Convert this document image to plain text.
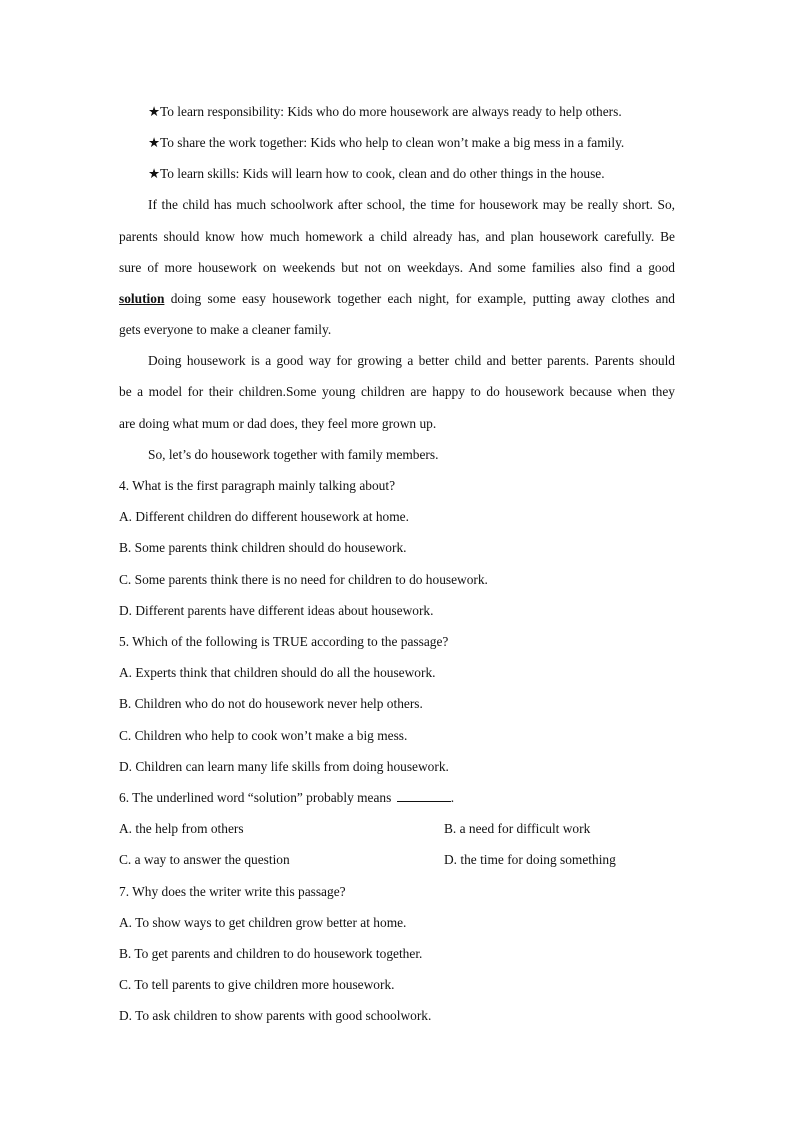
★To learn responsibility: Kids who do more housework are always ready to help others.
★To share the work together: Kids who help to clean won’t make a big mess in a family.
★To learn skills: Kids will learn how to cook, clean and do other things in the house.
If the child has much schoolwork after school, the time for housework may be really short. So,
parents should know how much homework a child already has, and plan housework carefully. Be
sure of more housework on weekends but not on weekdays. And some families also find a good
solution doing some easy housework together each night, for example, putting away clothes and
gets everyone to make a cleaner family.
Doing housework is a good way for growing a better child and better parents. Parents should
be a model for their children.Some young children are happy to do housework because when they
are doing what mum or dad does, they feel more grown up.
So, let’s do housework together with family members.
4. What is the first paragraph mainly talking about?
A. Different children do different housework at home.
B. Some parents think children should do housework.
C. Some parents think there is no need for children to do housework.
D. Different parents have different ideas about housework.
5. Which of the following is TRUE according to the passage?
A. Experts think that children should do all the housework.
B. Children who do not do housework never help others.
C. Children who help to cook won’t make a big mess.
D. Children can learn many life skills from doing housework.
6. The underlined word “solution” probably means	.
A. the help from others	B. a need for difficult work
C. a way to answer the question	D. the time for doing something
7. Why does the writer write this passage?
A. To show ways to get children grow better at home.
B. To get parents and children to do housework together.
C. To tell parents to give children more housework.
D. To ask children to show parents with good schoolwork.
